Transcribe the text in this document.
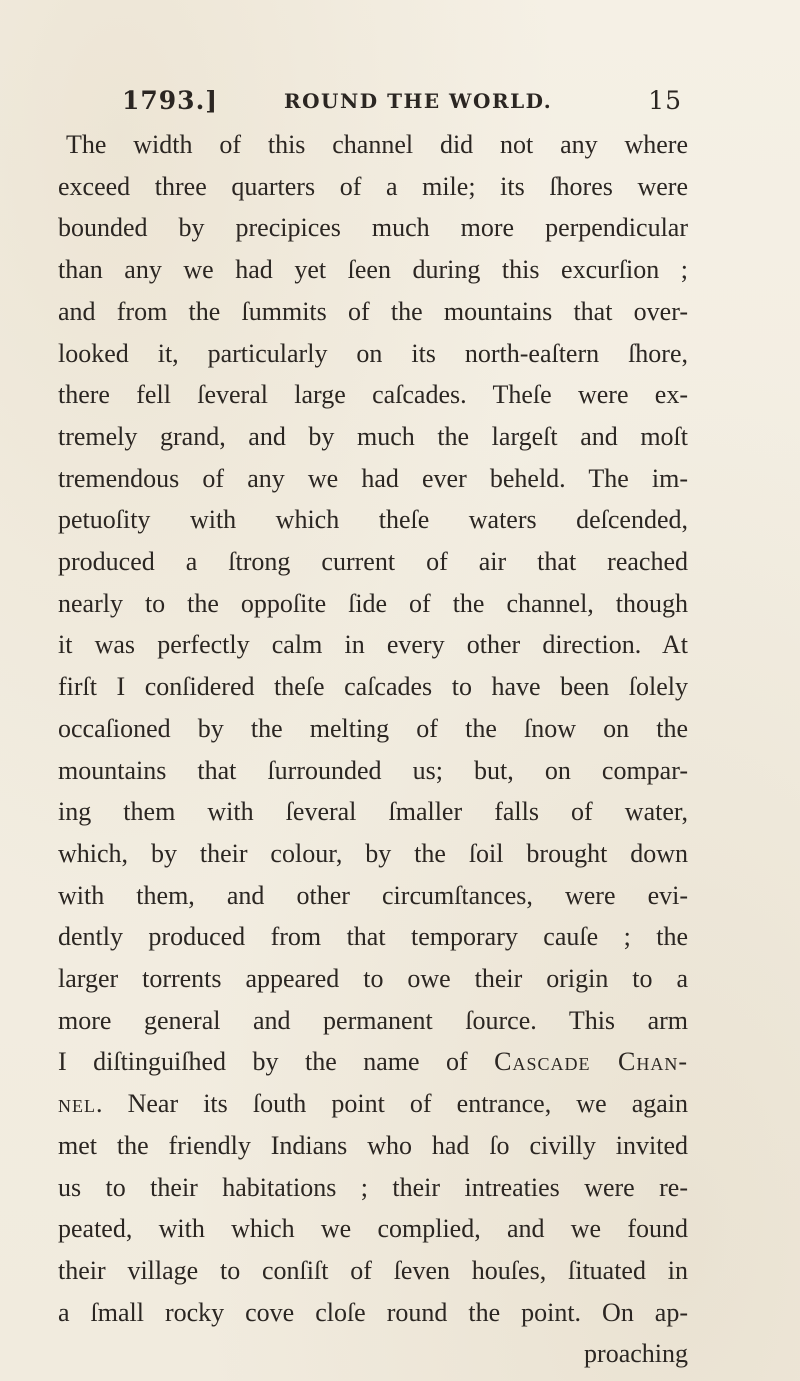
1793.]	ROUND THE WORLD.	15
The width of this channel did not any where
exceed three quarters of a mile; its ſhores were
bounded by precipices much more perpendicular
than any we had yet ſeen during this excurſion ;
and from the ſummits of the mountains that over-
looked it, particularly on its north-eaſtern ſhore,
there fell ſeveral large caſcades. Theſe were ex-
tremely grand, and by much the largeſt and moſt
tremendous of any we had ever beheld. The im-
petuoſity with which theſe waters deſcended,
produced a ſtrong current of air that reached
nearly to the oppoſite ſide of the channel, though
it was perfectly calm in every other direction. At
firſt I conſidered theſe caſcades to have been ſolely
occaſioned by the melting of the ſnow on the
mountains that ſurrounded us; but, on compar-
ing them with ſeveral ſmaller falls of water,
which, by their colour, by the ſoil brought down
with them, and other circumſtances, were evi-
dently produced from that temporary cauſe ; the
larger torrents appeared to owe their origin to a
more general and permanent ſource. This arm
I diſtinguiſhed by the name of Cascade Chan-
nel. Near its ſouth point of entrance, we again
met the friendly Indians who had ſo civilly invited
us to their habitations ; their intreaties were re-
peated, with which we complied, and we found
their village to conſiſt of ſeven houſes, ſituated in
a ſmall rocky cove cloſe round the point. On ap-
proaching
